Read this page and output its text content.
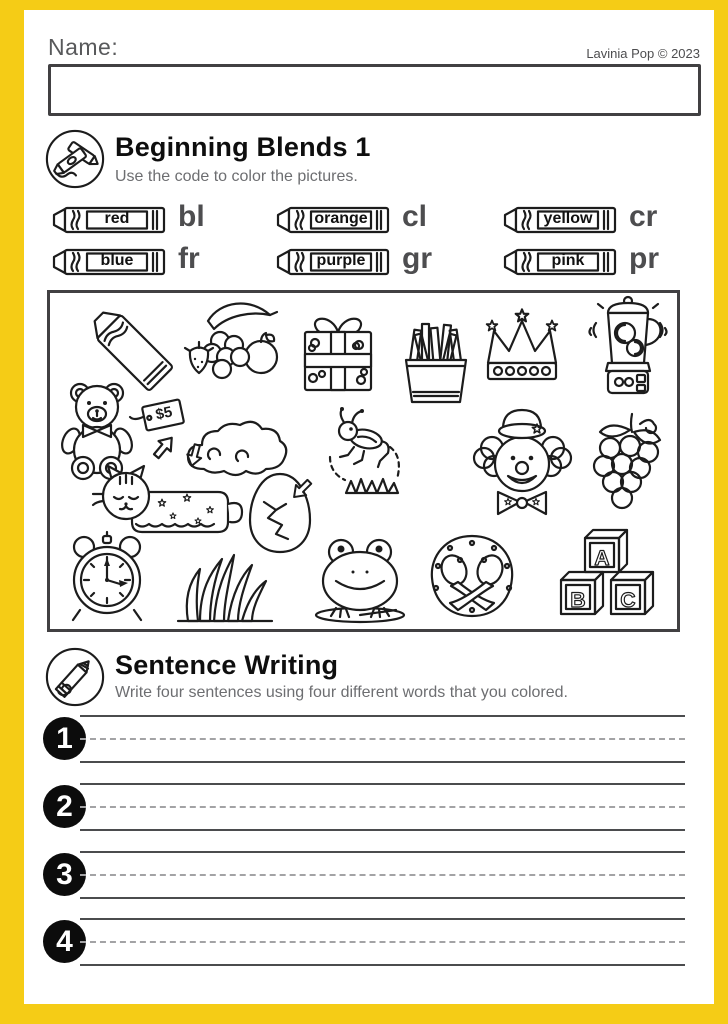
Name:	Lavinia Pop © 2023
Beginning Blends 1
Use the code to color the pictures.
red	bl	orange cl	yellow cr
blue	fr	purple gr	pink	pr
$5
A
B C
Sentence Writing
Write four sentences using four different words that you colored.
1
2
3
4
